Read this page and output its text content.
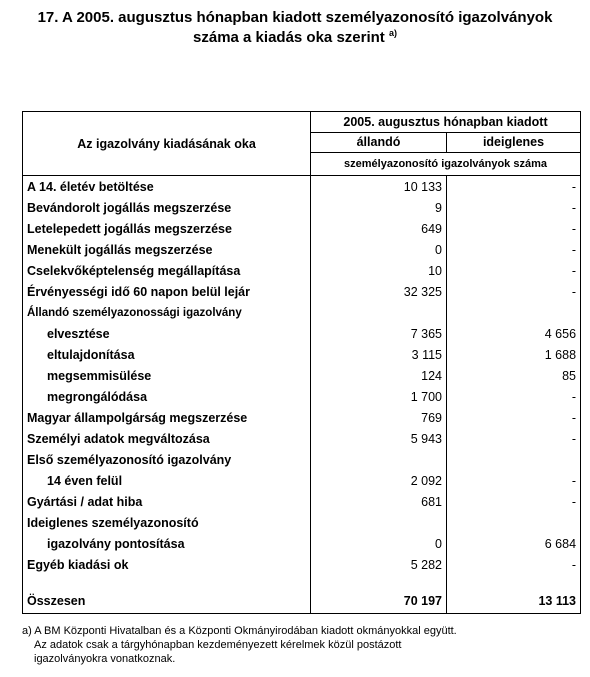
17. A 2005. augusztus hónapban kiadott személyazonosító igazolványok
száma a kiadás oka szerint $^{a)}$
Az igazolvány kiadásának oka	2005. augusztus hónapban kiadott	
	állandó	ideiglenes
	személyazonosító igazolványok száma	
A 14. életév betöltése	10 133	-
Bevándorolt jogállás megszerzése	9	-
Letelepedett jogállás megszerzése	649	-
Menekült jogállás megszerzése	0	-
Cselekvőképtelenség megállapítása	10	-
Érvényességi idő 60 napon belül lejár	32 325	-
Állandó személyazonossági igazolvány		
elvesztése	7 365	4 656
eltulajdonítása	3 115	1 688
megsemmisülése	124	85
megrongálódása	1 700	-
Magyar állampolgárság megszerzése	769	-
Személyi adatok megváltozása	5 943	-
Első személyazonosító igazolvány		
14 éven felül	2 092	-
Gyártási / adat hiba	681	-
Ideiglenes személyazonosító		
igazolvány pontosítása	0	6 684
Egyéb kiadási ok	5 282	-

Összesen	70 197	13 113
a) A BM Központi Hivatalban és a Központi Okmányirodában kiadott okmányokkal együtt.
Az adatok csak a tárgyhónapban kezdeményezett kérelmek közül postázott
igazolványokra vonatkoznak.
